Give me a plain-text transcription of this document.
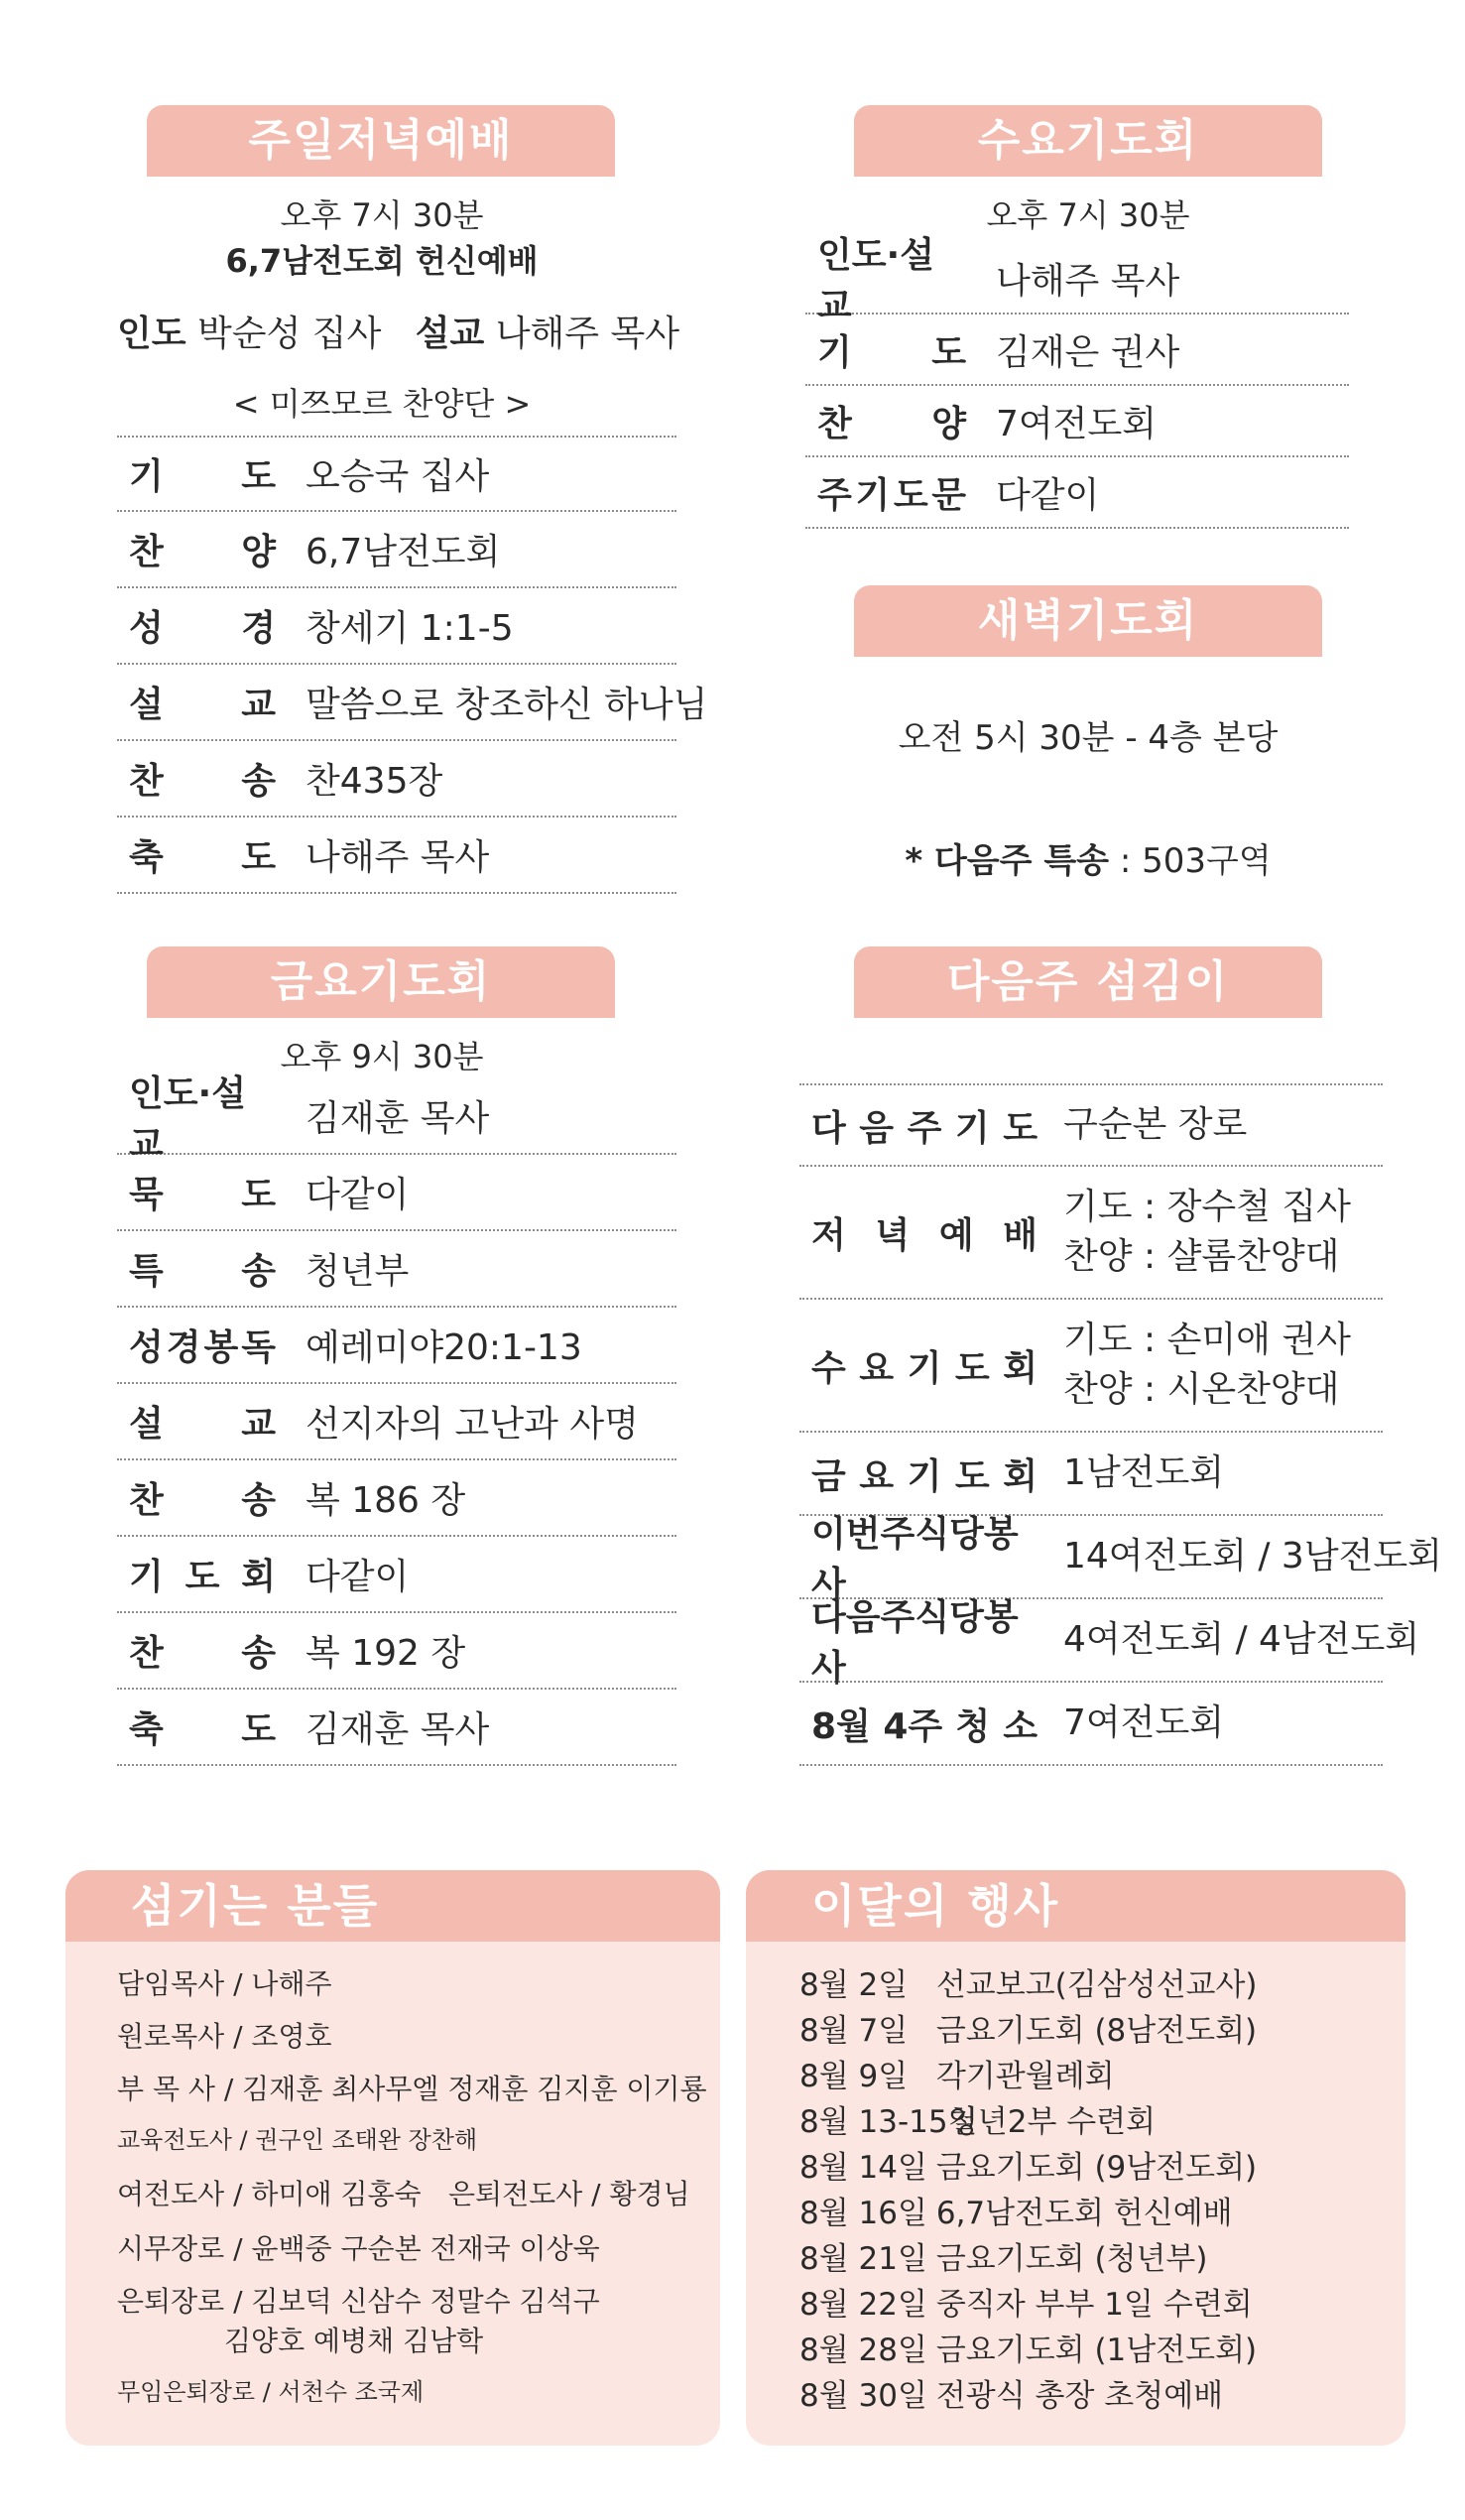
주일저녁예배
오후 7시 30분
6,7남전도회 헌신예배
인도 박순성 집사 설교 나해주 목사
< 미쯔모르 찬양단 >
기 도 오승국 집사
찬 양 6,7남전도회
성 경 창세기 1:1-5
설 교 말씀으로 창조하신 하나님
찬 송 찬435장
축 도 나해주 목사
수요기도회
오후 7시 30분
인도·설교
나해주 목사
기 도 김재은 권사
찬 양 7여전도회
주 기 도 문 다같이
새벽기도회
오전 5시 30분 - 4층 본당
* 다음주 특송 : 503구역
금요기도회
오후 9시 30분
인도·설교
김재훈 목사
묵 도 다같이
특 송 청년부
성 경 봉 독 예레미야20:1-13
설 교 선지자의 고난과 사명
찬 송 복 186 장
기 도 회 다같이
찬 송 복 192 장
축 도 김재훈 목사
다음주 섬김이
다 음 주 기 도 구순본 장로
저 녁 예 배
기도 : 장수철 집사
찬양 : 샬롬찬양대
수 요 기 도 회
기도 : 손미애 권사
찬양 : 시온찬양대
금 요 기 도 회 1남전도회
이번주식당봉사
14여전도회 / 3남전도회
다음주식당봉사
4여전도회 / 4남전도회
8월 4주 청 소 7여전도회
섬기는 분들
담임목사 / 나해주
원로목사 / 조영호
부 목 사 / 김재훈 최사무엘 정재훈 김지훈 이기룡
교육전도사 / 권구인 조태완 장찬해
여전도사 / 하미애 김홍숙 은퇴전도사 / 황경님
시무장로 / 윤백중 구순본 전재국 이상욱
은퇴장로 / 김보덕 신삼수 정말수 김석구
김양호 예병채 김남학
무임은퇴장로 / 서천수 조국제
이달의 행사
8월 2일 선교보고(김삼성선교사)
8월 7일 금요기도회 (8남전도회)
8월 9일 각기관월례회
8월 13-15일 청년2부 수련회
8월 14일 금요기도회 (9남전도회)
8월 16일 6,7남전도회 헌신예배
8월 21일 금요기도회 (청년부)
8월 22일 중직자 부부 1일 수련회
8월 28일 금요기도회 (1남전도회)
8월 30일 전광식 총장 초청예배
